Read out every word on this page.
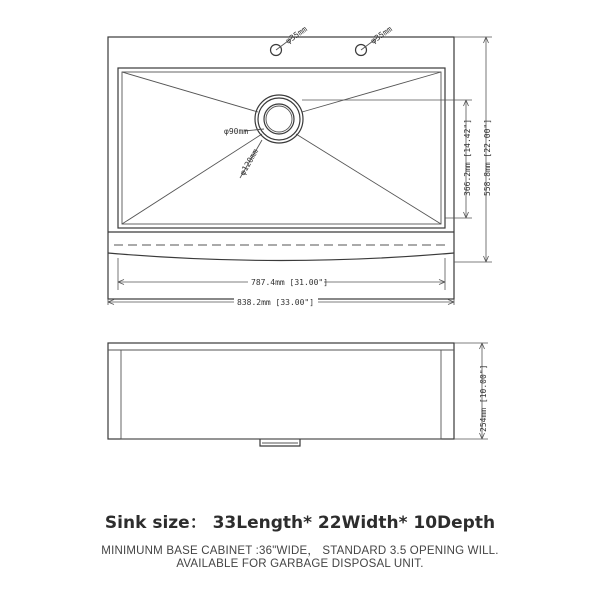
φ35mm	φ35mm
φ90mm
φ120mm
787.4mm [31.00"]
838.2mm [33.00"]
366.2mm [14.42"] 558.8mm [22.00"]
254mm [10.00"]
Sink size： 33Length* 22Width* 10Depth
MINIMUNM BASE CABINET :36"WIDE， STANDARD 3.5 OPENING WILL.
AVAILABLE FOR GARBAGE DISPOSAL UNIT.
